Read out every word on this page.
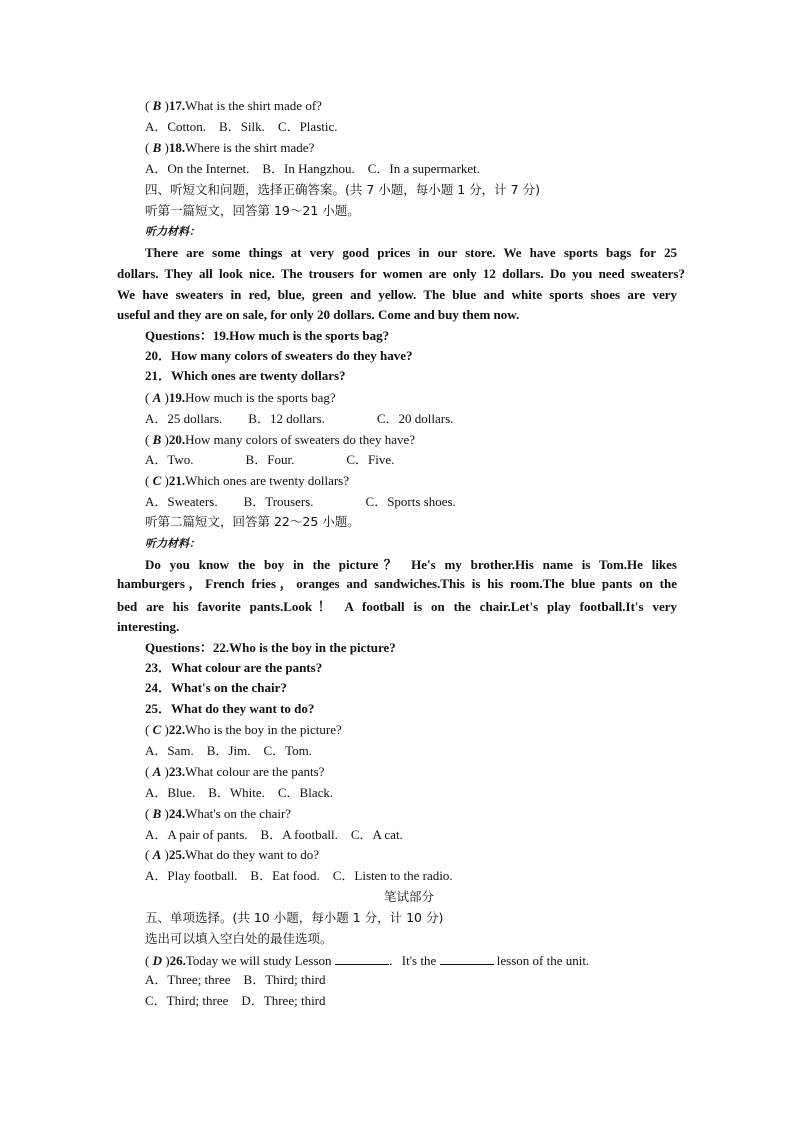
( B )17.What is the shirt made of?
A．Cotton.    B．Silk.    C．Plastic.
( B )18.Where is the shirt made?
A．On the Internet.    B．In Hangzhou.    C．In a supermarket.
四、听短文和问题，选择正确答案。(共 7 小题，每小题 1 分，计 7 分)
听第一篇短文，回答第 19～21 小题。
听力材料：
There are some things at very good prices in our store. We have sports bags for 25
dollars. They all look nice. The trousers for women are only 12 dollars. Do you need sweaters?
We have sweaters in red, blue, green and yellow. The blue and white sports shoes are very
useful and they are on sale, for only 20 dollars. Come and buy them now.
Questions：19.How much is the sports bag?
20．How many colors of sweaters do they have?
21．Which ones are twenty dollars?
( A )19.How much is the sports bag?
A．25 dollars.        B．12 dollars.                C．20 dollars.
( B )20.How many colors of sweaters do they have?
A．Two.                B．Four.                C．Five.
( C )21.Which ones are twenty dollars?
A．Sweaters.        B．Trousers.                C．Sports shoes.
听第二篇短文，回答第 22～25 小题。
听力材料：
Do you know the boy in the picture？ He's my brother.His name is Tom.He likes
hamburgers，French fries，oranges and sandwiches.This is his room.The blue pants on the
bed are his favorite pants.Look！ A football is on the chair.Let's play football.It's very
interesting.
Questions：22.Who is the boy in the picture?
23．What colour are the pants?
24．What's on the chair?
25．What do they want to do?
( C )22.Who is the boy in the picture?
A．Sam.    B．Jim.    C．Tom.
( A )23.What colour are the pants?
A．Blue.    B．White.    C．Black.
( B )24.What's on the chair?
A．A pair of pants.    B．A football.    C．A cat.
( A )25.What do they want to do?
A．Play football.    B．Eat food.    C．Listen to the radio.
笔试部分
五、单项选择。(共 10 小题，每小题 1 分，计 10 分)
选出可以填入空白处的最佳选项。
( D )26.Today we will study Lesson	．It's the	lesson of the unit.
A．Three; three    B．Third; third
C．Third; three    D．Three; third
